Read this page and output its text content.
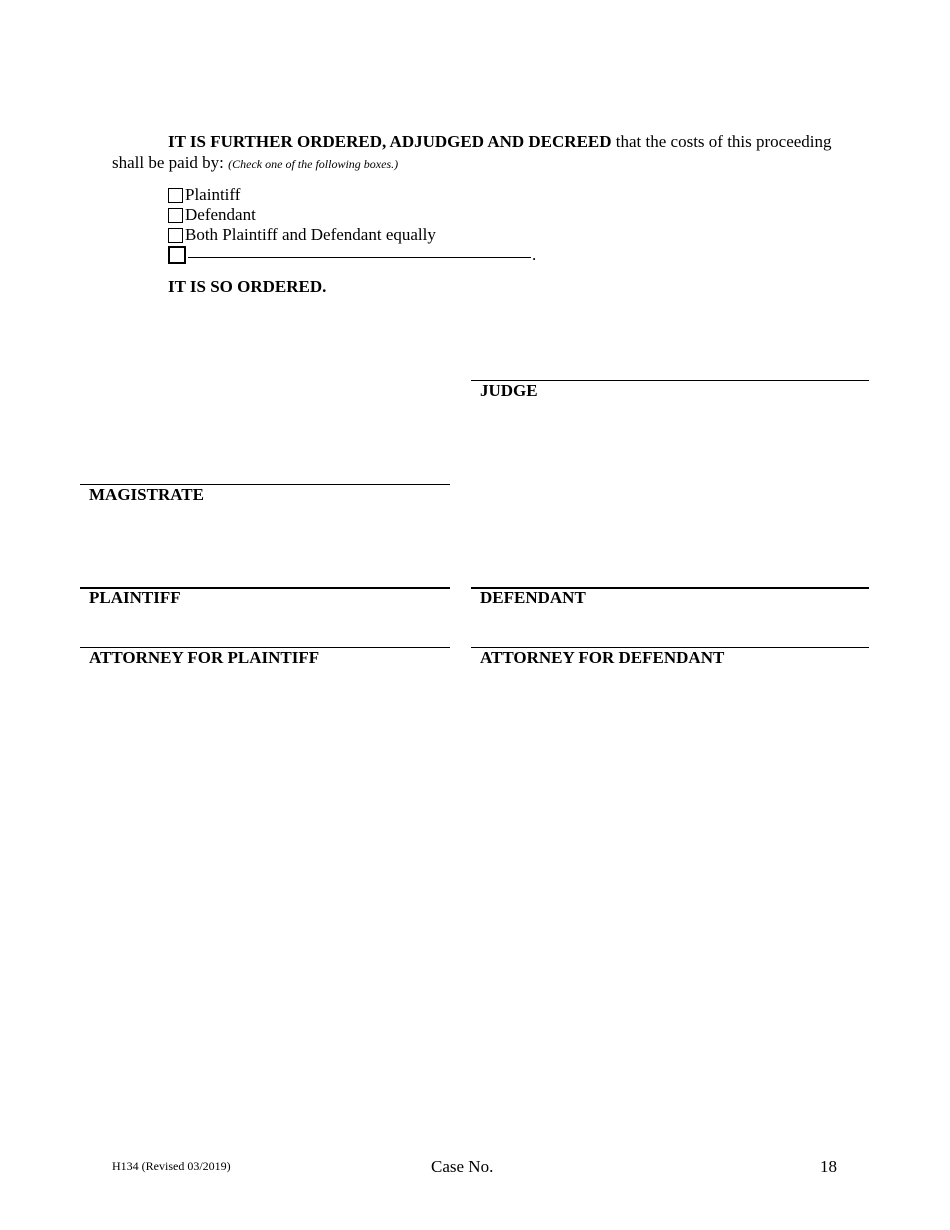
IT IS FURTHER ORDERED, ADJUDGED AND DECREED that the costs of this proceeding shall be paid by: (Check one of the following boxes.)
Plaintiff
Defendant
Both Plaintiff and Defendant equally
.
IT IS SO ORDERED.
JUDGE
MAGISTRATE
PLAINTIFF	DEFENDANT
ATTORNEY FOR PLAINTIFF	ATTORNEY FOR DEFENDANT
H134 (Revised 03/2019)	Case No.	18
